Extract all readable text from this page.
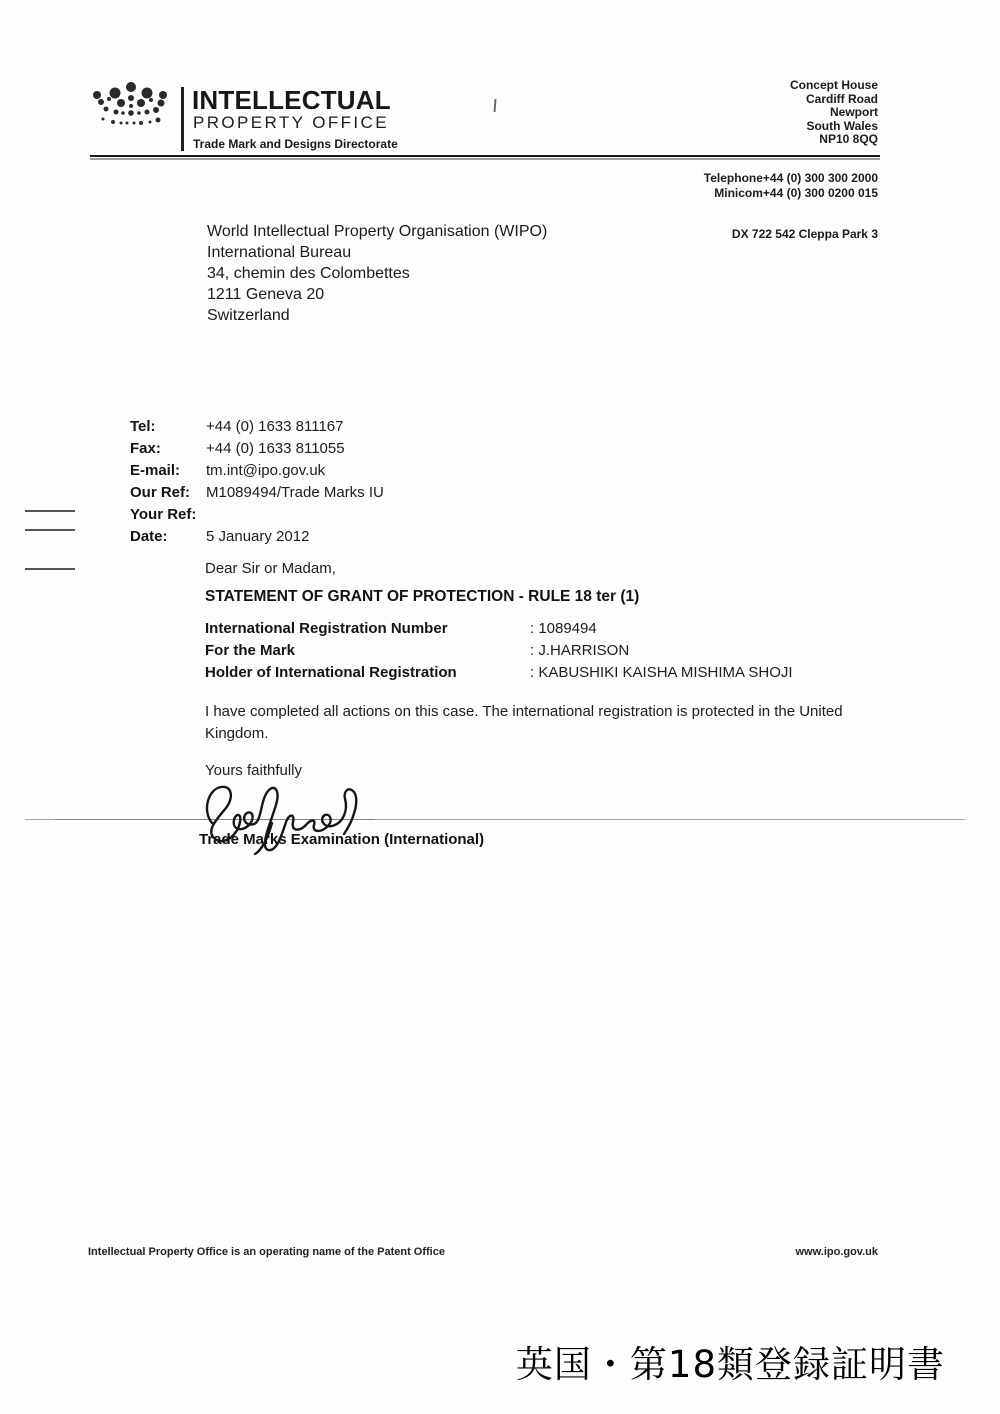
INTELLECTUAL
PROPERTY OFFICE
Trade Mark and Designs Directorate
Concept House
Cardiff Road
Newport
South Wales
NP10 8QQ
Telephone+44 (0) 300 300 2000
Minicom+44 (0) 300 0200 015
World Intellectual Property Organisation (WIPO)
International Bureau
34, chemin des Colombettes
1211 Geneva 20
Switzerland
DX 722 542 Cleppa Park 3
Tel:	+44 (0) 1633 811167
Fax:	+44 (0) 1633 811055
E-mail:	tm.int@ipo.gov.uk
Our Ref:	M1089494/Trade Marks IU
Your Ref:
Date:	5 January 2012
Dear Sir or Madam,
STATEMENT OF GRANT OF PROTECTION - RULE 18 ter (1)
International Registration Number	: 1089494
For the Mark	: J.HARRISON
Holder of International Registration	: KABUSHIKI KAISHA MISHIMA SHOJI
I have completed all actions on this case. The international registration is protected in the United Kingdom.
Yours faithfully
Trade Marks Examination (International)
Intellectual Property Office is an operating name of the Patent Office	www.ipo.gov.uk
英国・第18類登録証明書
